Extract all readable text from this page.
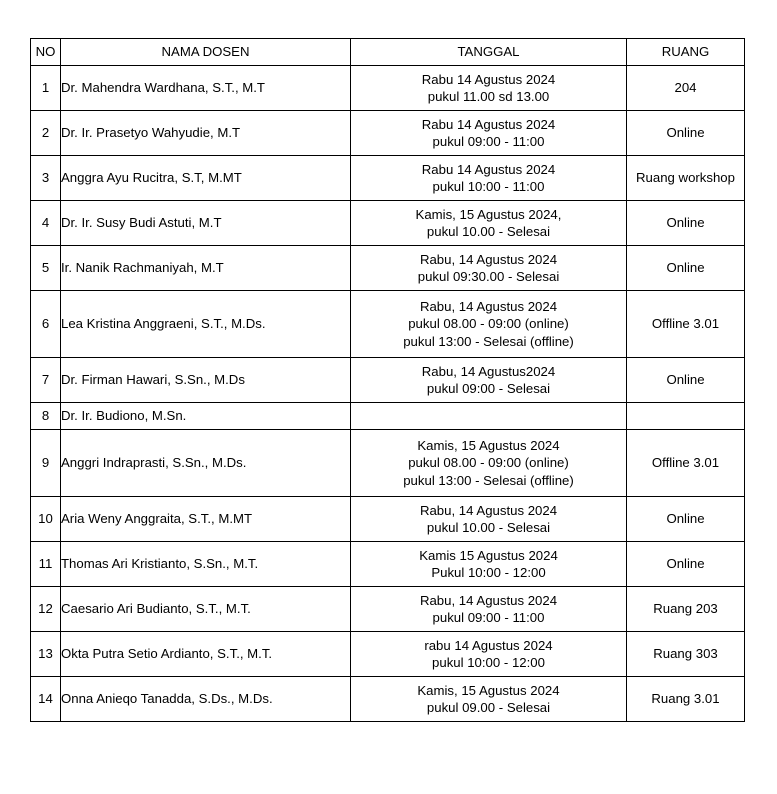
NO	NAMA DOSEN	TANGGAL	RUANG
1	Dr. Mahendra Wardhana, S.T., M.T	Rabu 14 Agustus 2024
pukul 11.00 sd 13.00	204
2	Dr. Ir. Prasetyo Wahyudie, M.T	Rabu 14 Agustus 2024
pukul 09:00 - 11:00	Online
3	Anggra Ayu Rucitra, S.T, M.MT	Rabu 14 Agustus 2024
pukul 10:00 - 11:00	Ruang workshop
4	Dr. Ir. Susy Budi Astuti, M.T	Kamis, 15 Agustus 2024,
pukul 10.00 - Selesai	Online
5	Ir. Nanik Rachmaniyah, M.T	Rabu, 14 Agustus 2024
pukul 09:30.00 - Selesai	Online
6	Lea Kristina Anggraeni, S.T., M.Ds.	Rabu, 14 Agustus 2024
pukul 08.00 - 09:00 (online)
pukul 13:00 - Selesai (offline)	Offline 3.01
7	Dr. Firman Hawari, S.Sn., M.Ds	Rabu, 14 Agustus2024
pukul 09:00 - Selesai	Online
8	Dr. Ir. Budiono, M.Sn.		
9	Anggri Indraprasti, S.Sn., M.Ds.	Kamis, 15 Agustus 2024
pukul 08.00 - 09:00 (online)
pukul 13:00 - Selesai (offline)	Offline 3.01
10	Aria Weny Anggraita, S.T., M.MT	Rabu, 14 Agustus 2024
pukul 10.00 - Selesai	Online
11	Thomas Ari Kristianto, S.Sn., M.T.	Kamis 15 Agustus 2024
Pukul 10:00 - 12:00	Online
12	Caesario Ari Budianto, S.T., M.T.	Rabu, 14 Agustus 2024
pukul 09:00 - 11:00	Ruang 203
13	Okta Putra Setio Ardianto, S.T., M.T.	rabu 14 Agustus 2024
pukul 10:00 - 12:00	Ruang 303
14	Onna Anieqo Tanadda, S.Ds., M.Ds.	Kamis, 15 Agustus 2024
pukul 09.00 - Selesai	Ruang 3.01
